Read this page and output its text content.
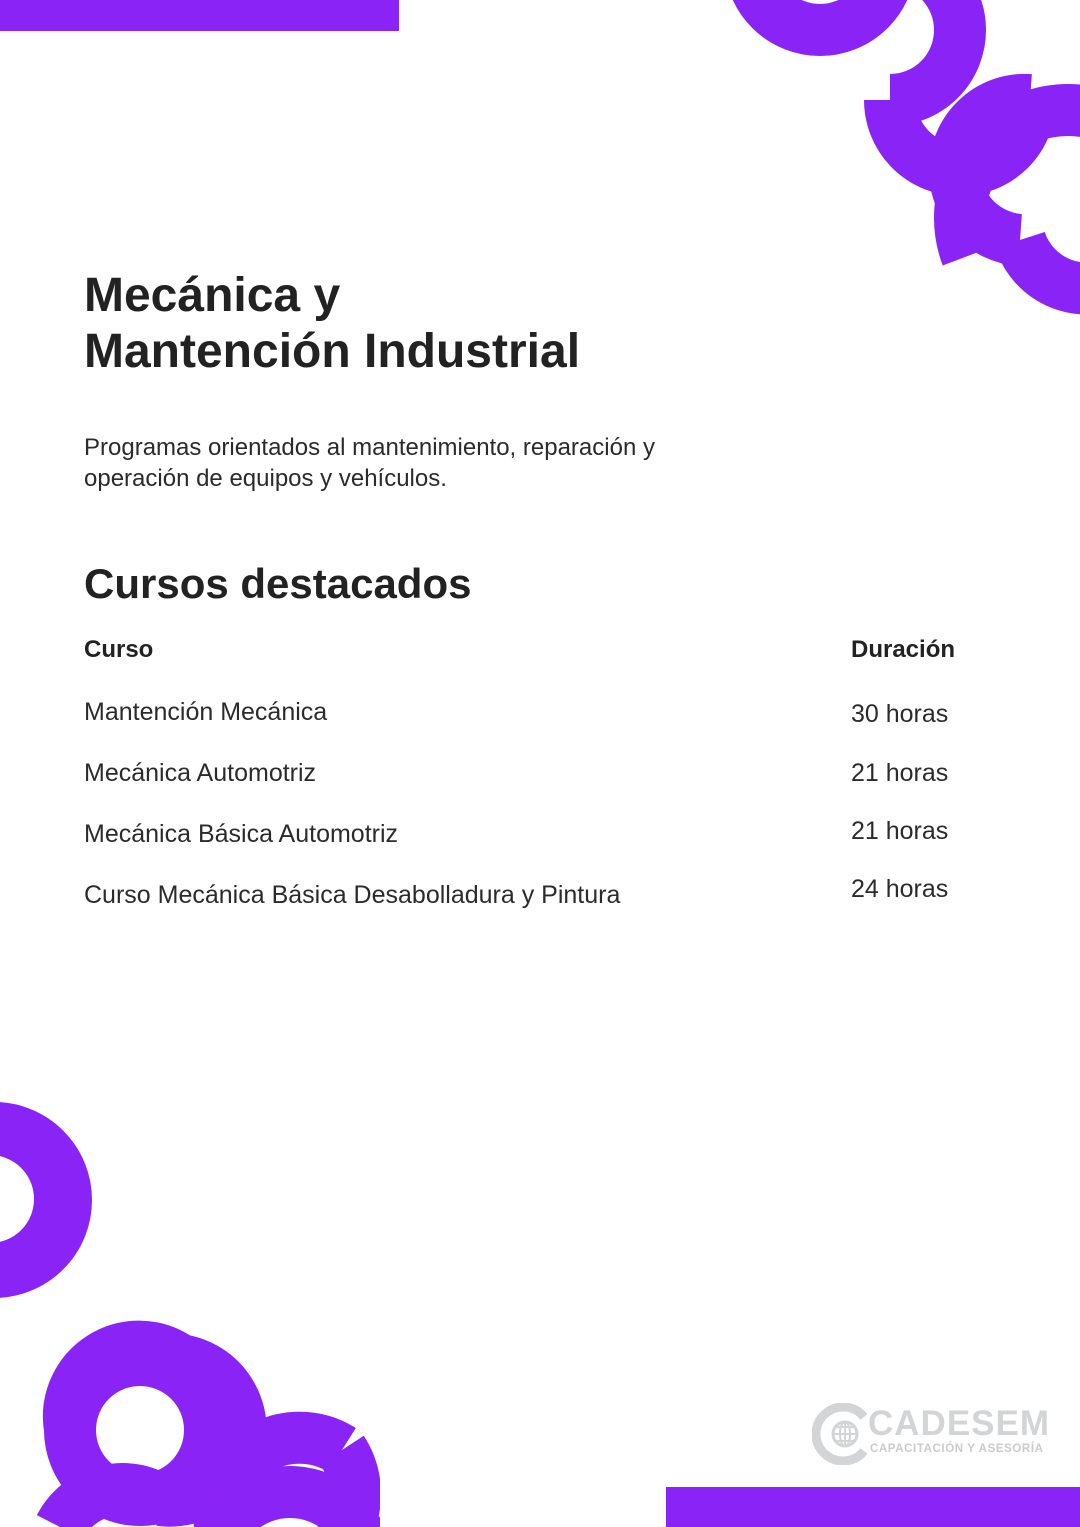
Mecánica y
Mantención Industrial

Programas orientados al mantenimiento, reparación y
operación de equipos y vehículos.

Cursos destacados
Curso	Duración
Mantención Mecánica	30 horas
Mecánica Automotriz	21 horas
Mecánica Básica Automotriz	21 horas
Curso Mecánica Básica Desabolladura y Pintura	24 horas
CADESEM
CAPACITACIÓN Y ASESORÍA
